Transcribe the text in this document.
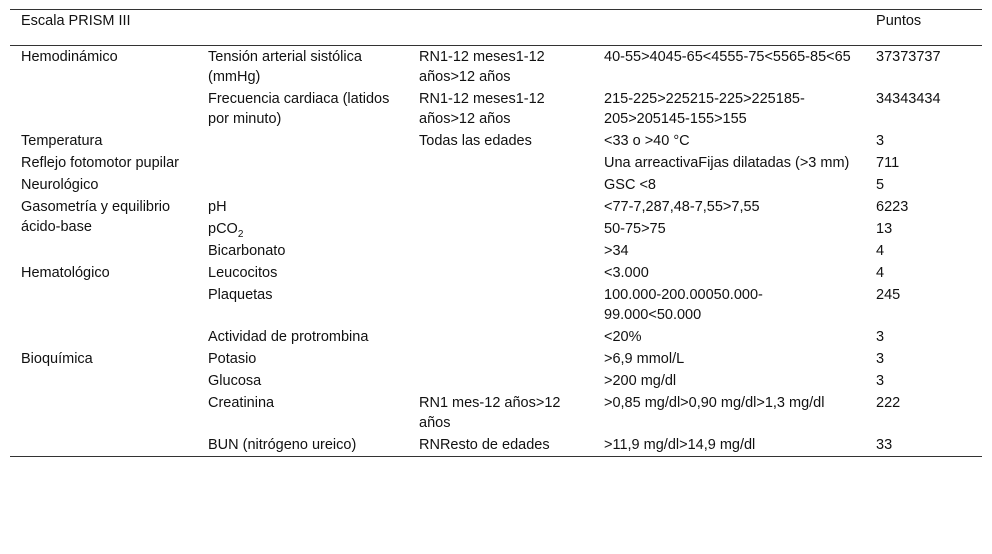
Escala PRISM III				Puntos
Hemodinámico	Tensión arterial sistólica (mmHg)	RN1-12 meses1-12 años>12 años	40-55>4045-65<4555-75<5565-85<65	37373737
	Frecuencia cardiaca (latidos por minuto)	RN1-12 meses1-12 años>12 años	215-225>225215-225>225185-205>205145-155>155	34343434
Temperatura		Todas las edades	<33 o >40 °C	3
Reflejo fotomotor pupilar			Una arreactivaFijas dilatadas (>3 mm)	711
Neurológico			GSC <8	5
Gasometría y equilibrio ácido-base	pH		<77-7,287,48-7,55>7,55	6223
	pCO$_2$		50-75>75	13
	Bicarbonato		>34	4
Hematológico	Leucocitos		<3.000	4
	Plaquetas		100.000-200.00050.000-99.000<50.000	245
	Actividad de protrombina		<20%	3
Bioquímica	Potasio		>6,9 mmol/L	3
	Glucosa		>200 mg/dl	3
	Creatinina	RN1 mes-12 años>12 años	>0,85 mg/dl>0,90 mg/dl>1,3 mg/dl	222
	BUN (nitrógeno ureico)	RNResto de edades	>11,9 mg/dl>14,9 mg/dl	33
